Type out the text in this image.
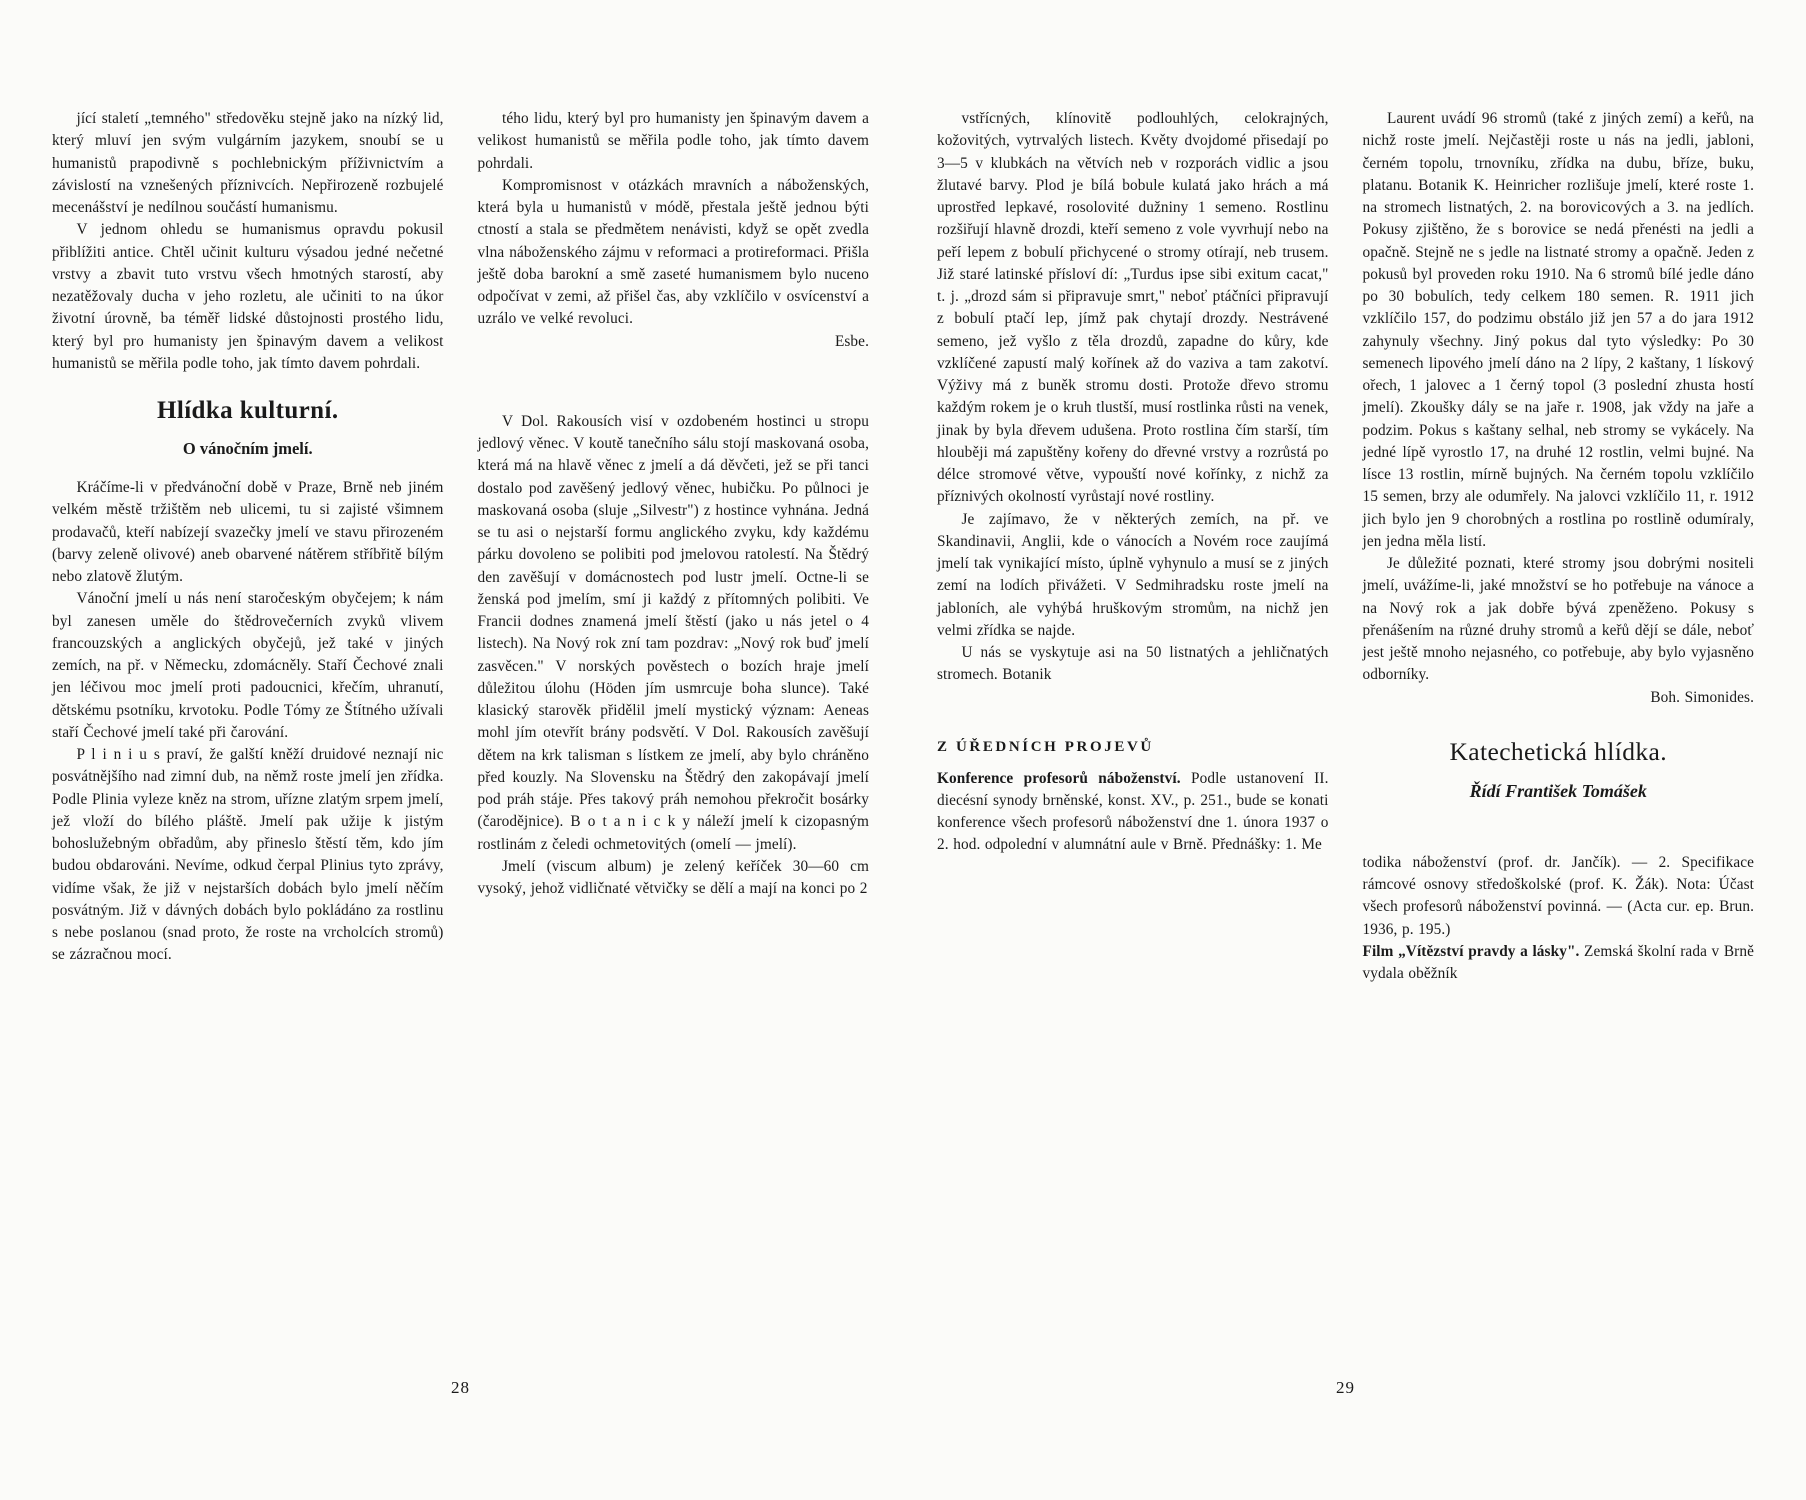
jící staletí „temného" středověku stejně jako na nízký lid, který mluví jen svým vulgárním jazykem, snoubí se u humanistů prapodivně s pochlebnickým příživnictvím a závislostí na vznešených příznivcích. Nepřirozeně rozbujelé mecenášství je nedílnou součástí humanismu.

V jednom ohledu se humanismus opravdu pokusil přiblížiti antice. Chtěl učinit kulturu výsadou jedné nečetné vrstvy a zbavit tuto vrstvu všech hmotných starostí, aby nezatěžovaly ducha v jeho rozletu, ale učiniti to na úkor životní úrovně, ba téměř lidské důstojnosti prostého lidu, který byl pro humanisty jen špinavým davem a velikost humanistů se měřila podle toho, jak tímto davem pohrdali.

Hlídka kulturní.
O vánočním jmelí.

Kráčíme-li v předvánoční době v Praze, Brně neb jiném velkém městě tržištěm neb ulicemi, tu si zajisté všimnem prodavačů, kteří nabízejí svazečky jmelí ve stavu přirozeném (barvy zeleně olivové) aneb obarvené nátěrem stříbřitě bílým nebo zlatově žlutým.

Vánoční jmelí u nás není staročeským obyčejem; k nám byl zanesen uměle do štědrovečerních zvyků vlivem francouzských a anglických obyčejů, jež také v jiných zemích, na př. v Německu, zdomácněly. Staří Čechové znali jen léčivou moc jmelí proti padoucnici, křečím, uhranutí, dětskému psotníku, krvotoku. Podle Tómy ze Štítného užívali staří Čechové jmelí také při čarování.

P l i n i u s praví, že galští kněží druidové neznají nic posvátnějšího nad zimní dub, na němž roste jmelí jen zřídka. Podle Plinia vyleze kněz na strom, uřízne zlatým srpem jmelí, jež vloží do bílého pláště. Jmelí pak užije k jistým bohoslužebným obřadům, aby přineslo štěstí těm, kdo jím budou obdarováni. Nevíme, odkud čerpal Plinius tyto zprávy, vidíme však, že již v nejstarších dobách bylo jmelí něčím posvátným. Již v dávných dobách bylo pokládáno za rostlinu s nebe poslanou (snad proto, že roste na vrcholcích stromů) se zázračnou mocí.

tého lidu, který byl pro humanisty jen špinavým davem a velikost humanistů se měřila podle toho, jak tímto davem pohrdali.

Kompromisnost v otázkách mravních a náboženských, která byla u humanistů v módě, přestala ještě jednou býti ctností a stala se předmětem nenávisti, když se opět zvedla vlna náboženského zájmu v reformaci a protireformaci. Přišla ještě doba barokní a smě zaseté humanismem bylo nuceno odpočívat v zemi, až přišel čas, aby vzklíčilo v osvícenství a uzrálo ve velké revoluci.

Esbe.

V Dol. Rakousích visí v ozdobeném hostinci u stropu jedlový věnec. V koutě tanečního sálu stojí maskovaná osoba, která má na hlavě věnec z jmelí a dá děvčeti, jež se při tanci dostalo pod zavěšený jedlový věnec, hubičku. Po půlnoci je maskovaná osoba (sluje „Silvestr") z hostince vyhnána. Jedná se tu asi o nejstarší formu anglického zvyku, kdy každému párku dovoleno se polibiti pod jmelovou ratolestí. Na Štědrý den zavěšují v domácnostech pod lustr jmelí. Octne-li se ženská pod jmelím, smí ji každý z přítomných polibiti. Ve Francii dodnes znamená jmelí štěstí (jako u nás jetel o 4 listech). Na Nový rok zní tam pozdrav: „Nový rok buď jmelí zasvěcen." V norských pověstech o bozích hraje jmelí důležitou úlohu (Höden jím usmrcuje boha slunce). Také klasický starověk přidělil jmelí mystický význam: Aeneas mohl jím otevřít brány podsvětí. V Dol. Rakousích zavěšují dětem na krk talisman s lístkem ze jmelí, aby bylo chráněno před kouzly. Na Slovensku na Štědrý den zakopávají jmelí pod práh stáje. Přes takový práh nemohou překročit bosárky (čarodějnice). B o t a n i c k y náleží jmelí k cizopasným rostlinám z čeledi ochmetovitých (omelí — jmelí).

Jmelí (viscum album) je zelený keříček 30—60 cm vysoký, jehož vidličnaté větvičky se dělí a mají na konci po 2

28

vstřícných, klínovitě podlouhlých, celokrajných, kožovitých, vytrvalých listech. Květy dvojdomé přisedají po 3—5 v klubkách na větvích neb v rozporách vidlic a jsou žlutavé barvy. Plod je bílá bobule kulatá jako hrách a má uprostřed lepkavé, rosolovité dužniny 1 semeno. Rostlinu rozšiřují hlavně drozdi, kteří semeno z vole vyvrhují nebo na peří lepem z bobulí přichycené o stromy otírají, neb trusem. Již staré latinské přísloví dí: „Turdus ipse sibi exitum cacat," t. j. „drozd sám si připravuje smrt," neboť ptáčníci připravují z bobulí ptačí lep, jímž pak chytají drozdy. Nestrávené semeno, jež vyšlo z těla drozdů, zapadne do kůry, kde vzklíčené zapustí malý kořínek až do vaziva a tam zakotví. Výživy má z buněk stromu dosti. Protože dřevo stromu každým rokem je o kruh tlustší, musí rostlinka růsti na venek, jinak by byla dřevem udušena. Proto rostlina čím starší, tím hlouběji má zapuštěny kořeny do dřevné vrstvy a rozrůstá po délce stromové větve, vypouští nové kořínky, z nichž za příznivých okolností vyrůstají nové rostliny.

Je zajímavo, že v některých zemích, na př. ve Skandinavii, Anglii, kde o vánocích a Novém roce zaujímá jmelí tak vynikající místo, úplně vyhynulo a musí se z jiných zemí na lodích přivážeti. V Sedmihradsku roste jmelí na jabloních, ale vyhýbá hruškovým stromům, na nichž jen velmi zřídka se najde.

U nás se vyskytuje asi na 50 listnatých a jehličnatých stromech. Botanik

Z ÚŘEDNÍCH PROJEVŮ

Konference profesorů náboženství. Podle ustanovení II. diecésní synody brněnské, konst. XV., p. 251., bude se konati konference všech profesorů náboženství dne 1. února 1937 o 2. hod. odpolední v alumnátní aule v Brně. Přednášky: 1. Me

Laurent uvádí 96 stromů (také z jiných zemí) a keřů, na nichž roste jmelí. Nejčastěji roste u nás na jedli, jabloni, černém topolu, trnovníku, zřídka na dubu, bříze, buku, platanu. Botanik K. Heinricher rozlišuje jmelí, které roste 1. na stromech listnatých, 2. na borovicových a 3. na jedlích. Pokusy zjištěno, že s borovice se nedá přenésti na jedli a opačně. Stejně ne s jedle na listnaté stromy a opačně. Jeden z pokusů byl proveden roku 1910. Na 6 stromů bílé jedle dáno po 30 bobulích, tedy celkem 180 semen. R. 1911 jich vzklíčilo 157, do podzimu obstálo již jen 57 a do jara 1912 zahynuly všechny. Jiný pokus dal tyto výsledky: Po 30 semenech lipového jmelí dáno na 2 lípy, 2 kaštany, 1 lískový ořech, 1 jalovec a 1 černý topol (3 poslední zhusta hostí jmelí). Zkoušky dály se na jaře r. 1908, jak vždy na jaře a podzim. Pokus s kaštany selhal, neb stromy se vykácely. Na jedné lípě vyrostlo 17, na druhé 12 rostlin, velmi bujné. Na lísce 13 rostlin, mírně bujných. Na černém topolu vzklíčilo 15 semen, brzy ale odumřely. Na jalovci vzklíčilo 11, r. 1912 jich bylo jen 9 chorobných a rostlina po rostlině odumíraly, jen jedna měla listí.

Je důležité poznati, které stromy jsou dobrými nositeli jmelí, uvážíme-li, jaké množství se ho potřebuje na vánoce a na Nový rok a jak dobře bývá zpeněženo. Pokusy s přenášením na různé druhy stromů a keřů dějí se dále, neboť jest ještě mnoho nejasného, co potřebuje, aby bylo vyjasněno odborníky.

Boh. Simonides.

Katechetická hlídka.
Řídí František Tomášek

todika náboženství (prof. dr. Jančík). — 2. Specifikace rámcové osnovy středoškolské (prof. K. Žák). Nota: Účast všech profesorů náboženství povinná. — (Acta cur. ep. Brun. 1936, p. 195.)

Film „Vítězství pravdy a lásky". Zemská školní rada v Brně vydala oběžník

29
